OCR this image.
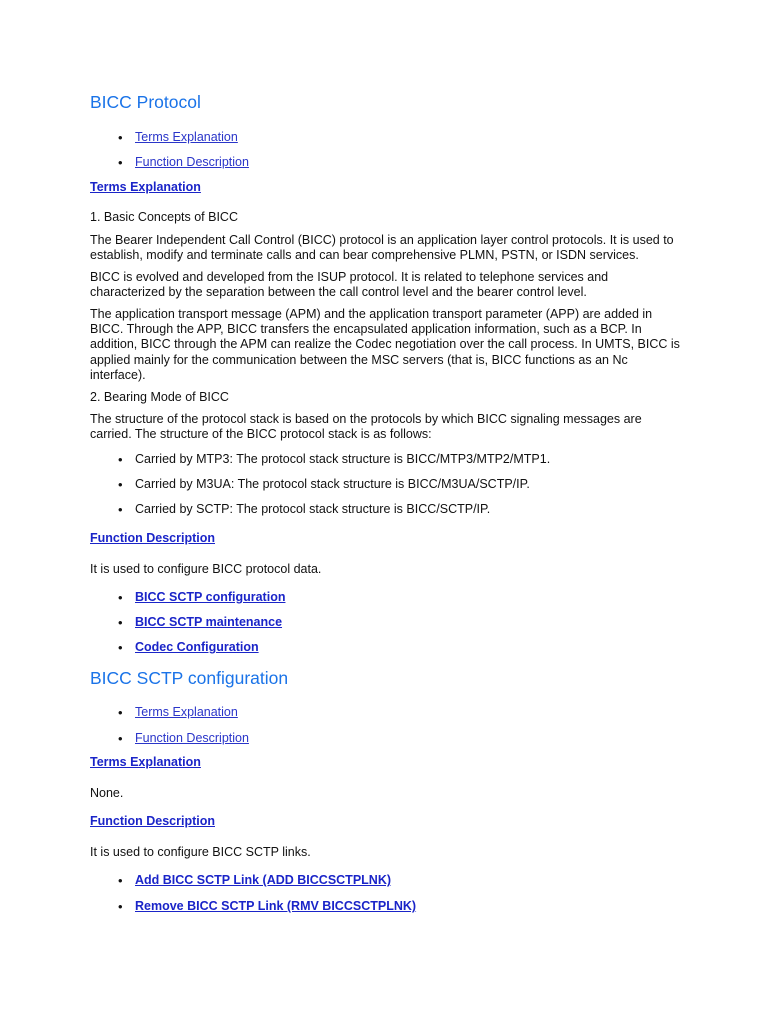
BICC Protocol
• Terms Explanation
• Function Description
Terms Explanation

1. Basic Concepts of BICC

The Bearer Independent Call Control (BICC) protocol is an application layer control protocols. It is used to establish, modify and terminate calls and can bear comprehensive PLMN, PSTN, or ISDN services.

BICC is evolved and developed from the ISUP protocol. It is related to telephone services and characterized by the separation between the call control level and the bearer control level.

The application transport message (APM) and the application transport parameter (APP) are added in BICC. Through the APP, BICC transfers the encapsulated application information, such as a BCP. In addition, BICC through the APM can realize the Codec negotiation over the call process. In UMTS, BICC is applied mainly for the communication between the MSC servers (that is, BICC functions as an Nc interface).

2. Bearing Mode of BICC

The structure of the protocol stack is based on the protocols by which BICC signaling messages are carried. The structure of the BICC protocol stack is as follows:

• Carried by MTP3: The protocol stack structure is BICC/MTP3/MTP2/MTP1.
• Carried by M3UA: The protocol stack structure is BICC/M3UA/SCTP/IP.
• Carried by SCTP: The protocol stack structure is BICC/SCTP/IP.
Function Description

It is used to configure BICC protocol data.

• BICC SCTP configuration
• BICC SCTP maintenance
• Codec Configuration
BICC SCTP configuration
• Terms Explanation
• Function Description
Terms Explanation

None.

Function Description

It is used to configure BICC SCTP links.

• Add BICC SCTP Link (ADD BICCSCTPLNK)
• Remove BICC SCTP Link (RMV BICCSCTPLNK)
